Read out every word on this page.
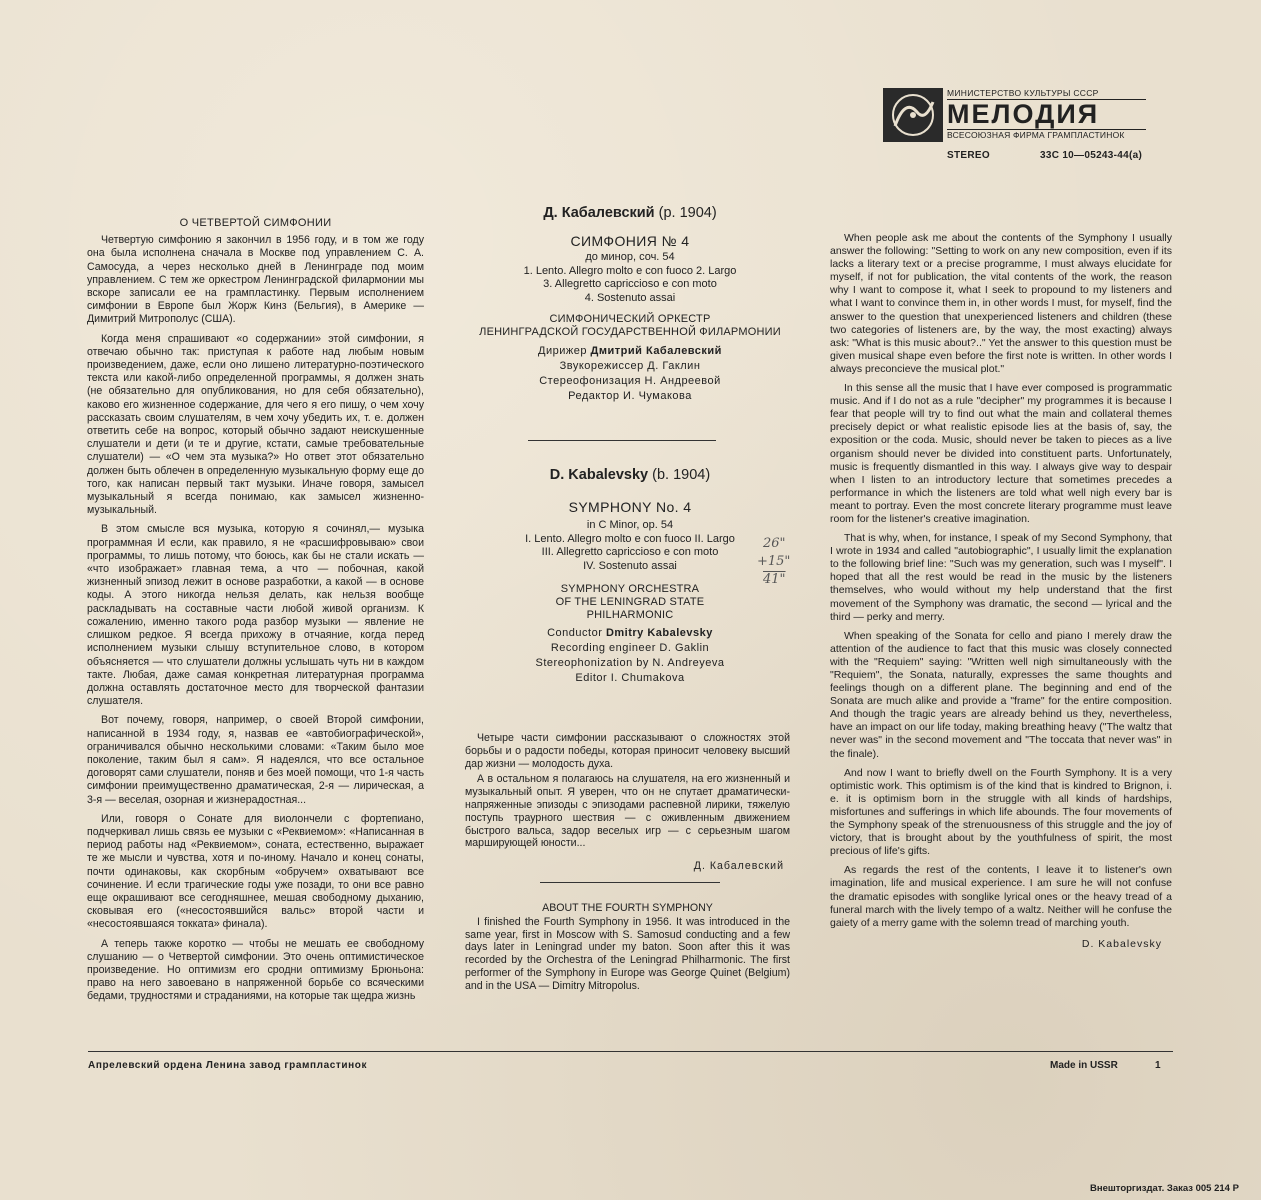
МИНИСТЕРСТВО КУЛЬТУРЫ СССР
МЕЛОДИЯ
ВСЕСОЮЗНАЯ ФИРМА ГРАМПЛАСТИНОК
STEREO	33С 10—05243-44(а)
О ЧЕТВЕРТОЙ СИМФОНИИ

Четвертую симфонию я закончил в 1956 году, и в том же году она была исполнена сначала в Москве под управлением С. А. Самосуда, а через несколько дней в Ленинграде под моим управлением. С тем же оркестром Ленинградской филармонии мы вскоре записали ее на грампластинку. Первым исполнением симфонии в Европе был Жорж Кинз (Бельгия), в Америке — Димитрий Митрополус (США).

Когда меня спрашивают «о содержании» этой симфонии, я отвечаю обычно так: приступая к работе над любым новым произведением, даже, если оно лишено литературно-поэтического текста или какой-либо определенной программы, я должен знать (не обязательно для опубликования, но для себя обязательно), каково его жизненное содержание, для чего я его пишу, о чем хочу рассказать своим слушателям, в чем хочу убедить их, т. е. должен ответить себе на вопрос, который обычно задают неискушенные слушатели и дети (и те и другие, кстати, самые требовательные слушатели) — «О чем эта музыка?» Но ответ этот обязательно должен быть облечен в определенную музыкальную форму еще до того, как написан первый такт музыки. Иначе говоря, замысел музыкальный я всегда понимаю, как замысел жизненно-музыкальный.

В этом смысле вся музыка, которую я сочинял,— музыка программная И если, как правило, я не «расшифровываю» свои программы, то лишь потому, что боюсь, как бы не стали искать — «что изображает» главная тема, а что — побочная, какой жизненный эпизод лежит в основе разработки, а какой — в основе коды. А этого никогда нельзя делать, как нельзя вообще раскладывать на составные части любой живой организм. К сожалению, именно такого рода разбор музыки — явление не слишком редкое. Я всегда прихожу в отчаяние, когда перед исполнением музыки слышу вступительное слово, в котором объясняется — что слушатели должны услышать чуть ни в каждом такте. Любая, даже самая конкретная литературная программа должна оставлять достаточное место для творческой фантазии слушателя.

Вот почему, говоря, например, о своей Второй симфонии, написанной в 1934 году, я, назвав ее «автобиографической», ограничивался обычно несколькими словами: «Таким было мое поколение, таким был я сам». Я надеялся, что все остальное договорят сами слушатели, поняв и без моей помощи, что 1-я часть симфонии преимущественно драматическая, 2-я — лирическая, а 3-я — веселая, озорная и жизнерадостная...

Или, говоря о Сонате для виолончели с фортепиано, подчеркивал лишь связь ее музыки с «Реквиемом»: «Написанная в период работы над «Реквиемом», соната, естественно, выражает те же мысли и чувства, хотя и по-иному. Начало и конец сонаты, почти одинаковы, как скорбным «обручем» охватывают все сочинение. И если трагические годы уже позади, то они все равно еще окрашивают все сегодняшнее, мешая свободному дыханию, сковывая его («несостоявшийся вальс» второй части и «несостоявшаяся токката» финала).

А теперь также коротко — чтобы не мешать ее свободному слушанию — о Четвертой симфонии. Это очень оптимистическое произведение. Но оптимизм его сродни оптимизму Брюньона: право на него завоевано в напряженной борьбе со всяческими бедами, трудностями и страданиями, на которые так щедра жизнь

Д. Кабалевский (р. 1904)
СИМФОНИЯ № 4
до минор, соч. 54
1. Lento. Allegro molto e con fuoco 2. Largo
3. Allegretto capriccioso e con moto
4. Sostenuto assai
СИМФОНИЧЕСКИЙ ОРКЕСТР
ЛЕНИНГРАДСКОЙ ГОСУДАРСТВЕННОЙ ФИЛАРМОНИИ
Дирижер Дмитрий Кабалевский
Звукорежиссер Д. Гаклин
Стереофонизация Н. Андреевой
Редактор И. Чумакова
D. Kabalevsky (b. 1904)
SYMPHONY No. 4
in C Minor, op. 54
I. Lento. Allegro molto e con fuoco II. Largo
III. Allegretto capriccioso e con moto
IV. Sostenuto assai
SYMPHONY ORCHESTRA
OF THE LENINGRAD STATE
PHILHARMONIC
Conductor Dmitry Kabalevsky
Recording engineer D. Gaklin
Stereophonization by N. Andreyeva
Editor I. Chumakova
26"
+15"
41"

Четыре части симфонии рассказывают о сложностях этой борьбы и о радости победы, которая приносит человеку высший дар жизни — молодость духа.

А в остальном я полагаюсь на слушателя, на его жизненный и музыкальный опыт. Я уверен, что он не спутает драматически-напряженные эпизоды с эпизодами распевной лирики, тяжелую поступь траурного шествия — с оживленным движением быстрого вальса, задор веселых игр — с серьезным шагом марширующей юности...

Д. Кабалевский
ABOUT THE FOURTH SYMPHONY
I finished the Fourth Symphony in 1956. It was introduced in the same year, first in Moscow with S. Samosud conducting and a few days later in Leningrad under my baton. Soon after this it was recorded by the Orchestra of the Leningrad Philharmonic. The first performer of the Symphony in Europe was George Quinet (Belgium) and in the USA — Dimitry Mitropolus.

When people ask me about the contents of the Symphony I usually answer the following: "Setting to work on any new composition, even if its lacks a literary text or a precise programme, I must always elucidate for myself, if not for publication, the vital contents of the work, the reason why I want to compose it, what I seek to propound to my listeners and what I want to convince them in, in other words I must, for myself, find the answer to the question that unexperienced listeners and children (these two categories of listeners are, by the way, the most exacting) always ask: "What is this music about?.." Yet the answer to this question must be given musical shape even before the first note is written. In other words I always preconcieve the musical plot."

In this sense all the music that I have ever composed is programmatic music. And if I do not as a rule "decipher" my programmes it is because I fear that people will try to find out what the main and collateral themes precisely depict or what realistic episode lies at the basis of, say, the exposition or the coda. Music, should never be taken to pieces as a live organism should never be divided into constituent parts. Unfortunately, music is frequently dismantled in this way. I always give way to despair when I listen to an introductory lecture that sometimes precedes a performance in which the listeners are told what well nigh every bar is meant to portray. Even the most concrete literary programme must leave room for the listener's creative imagination.

That is why, when, for instance, I speak of my Second Symphony, that I wrote in 1934 and called "autobiographic", I usually limit the explanation to the following brief line: "Such was my generation, such was I myself". I hoped that all the rest would be read in the music by the listeners themselves, who would without my help understand that the first movement of the Symphony was dramatic, the second — lyrical and the third — perky and merry.

When speaking of the Sonata for cello and piano I merely draw the attention of the audience to fact that this music was closely connected with the "Requiem" saying: "Written well nigh simultaneously with the "Requiem", the Sonata, naturally, expresses the same thoughts and feelings though on a different plane. The beginning and end of the Sonata are much alike and provide a "frame" for the entire composition. And though the tragic years are already behind us they, nevertheless, have an impact on our life today, making breathing heavy ("The waltz that never was" in the second movement and "The toccata that never was" in the finale).

And now I want to briefly dwell on the Fourth Symphony. It is a very optimistic work. This optimism is of the kind that is kindred to Brignon, i. e. it is optimism born in the struggle with all kinds of hardships, misfortunes and sufferings in which life abounds. The four movements of the Symphony speak of the strenuousness of this struggle and the joy of victory, that is brought about by the youthfulness of spirit, the most precious of life's gifts.

As regards the rest of the contents, I leave it to listener's own imagination, life and musical experience. I am sure he will not confuse the dramatic episodes with songlike lyrical ones or the heavy tread of a funeral march with the lively tempo of a waltz. Neither will he confuse the gaiety of a merry game with the solemn tread of marching youth.

D. Kabalevsky
Апрелевский ордена Ленина завод грампластинок	Made in USSR	1
Внешторгиздат. Заказ 005 214 Р
